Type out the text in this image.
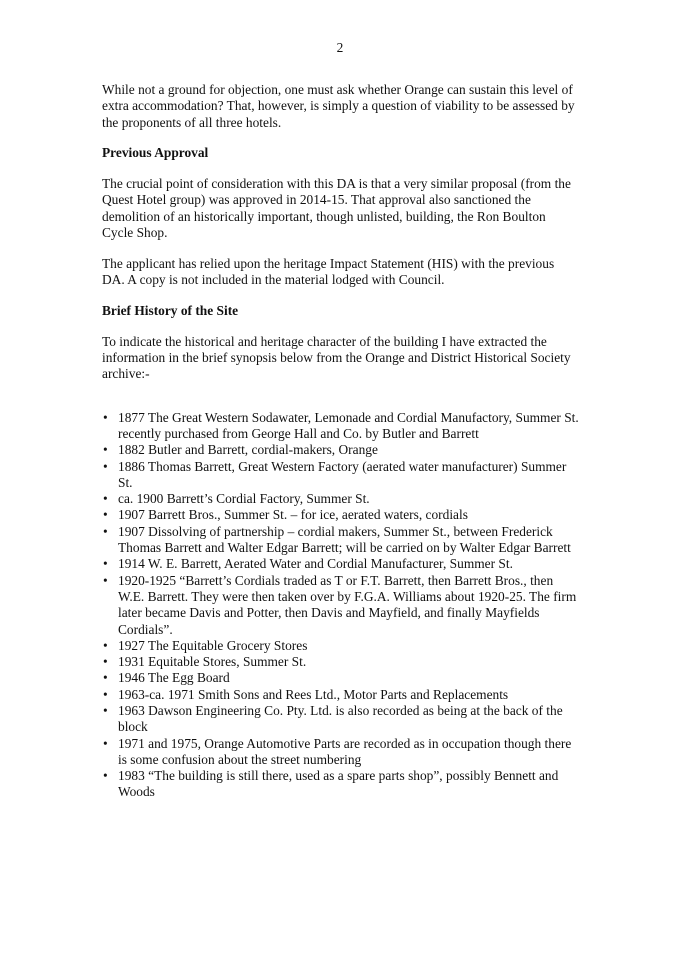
2

While not a ground for objection, one must ask whether Orange can sustain this level of extra accommodation? That, however, is simply a question of viability to be assessed by the proponents of all three hotels.

Previous Approval

The crucial point of consideration with this DA is that a very similar proposal (from the Quest Hotel group) was approved in 2014-15. That approval also sanctioned the demolition of an historically important, though unlisted, building, the Ron Boulton Cycle Shop.

The applicant has relied upon the heritage Impact Statement (HIS) with the previous DA. A copy is not included in the material lodged with Council.

Brief History of the Site

To indicate the historical and heritage character of the building I have extracted the information in the brief synopsis below from the Orange and District Historical Society archive:-

• 1877 The Great Western Sodawater, Lemonade and Cordial Manufactory, Summer St. recently purchased from George Hall and Co. by Butler and Barrett
• 1882 Butler and Barrett, cordial-makers, Orange
• 1886 Thomas Barrett, Great Western Factory (aerated water manufacturer) Summer St.
• ca. 1900 Barrett’s Cordial Factory, Summer St.
• 1907 Barrett Bros., Summer St. – for ice, aerated waters, cordials
• 1907 Dissolving of partnership – cordial makers, Summer St., between Frederick Thomas Barrett and Walter Edgar Barrett; will be carried on by Walter Edgar Barrett
• 1914 W. E. Barrett, Aerated Water and Cordial Manufacturer, Summer St.
• 1920-1925 “Barrett’s Cordials traded as T or F.T. Barrett, then Barrett Bros., then W.E. Barrett. They were then taken over by F.G.A. Williams about 1920-25. The firm later became Davis and Potter, then Davis and Mayfield, and finally Mayfields Cordials”.
• 1927 The Equitable Grocery Stores
• 1931 Equitable Stores, Summer St.
• 1946 The Egg Board
• 1963-ca. 1971 Smith Sons and Rees Ltd., Motor Parts and Replacements
• 1963 Dawson Engineering Co. Pty. Ltd. is also recorded as being at the back of the block
• 1971 and 1975, Orange Automotive Parts are recorded as in occupation though there is some confusion about the street numbering
• 1983 “The building is still there, used as a spare parts shop”, possibly Bennett and Woods
